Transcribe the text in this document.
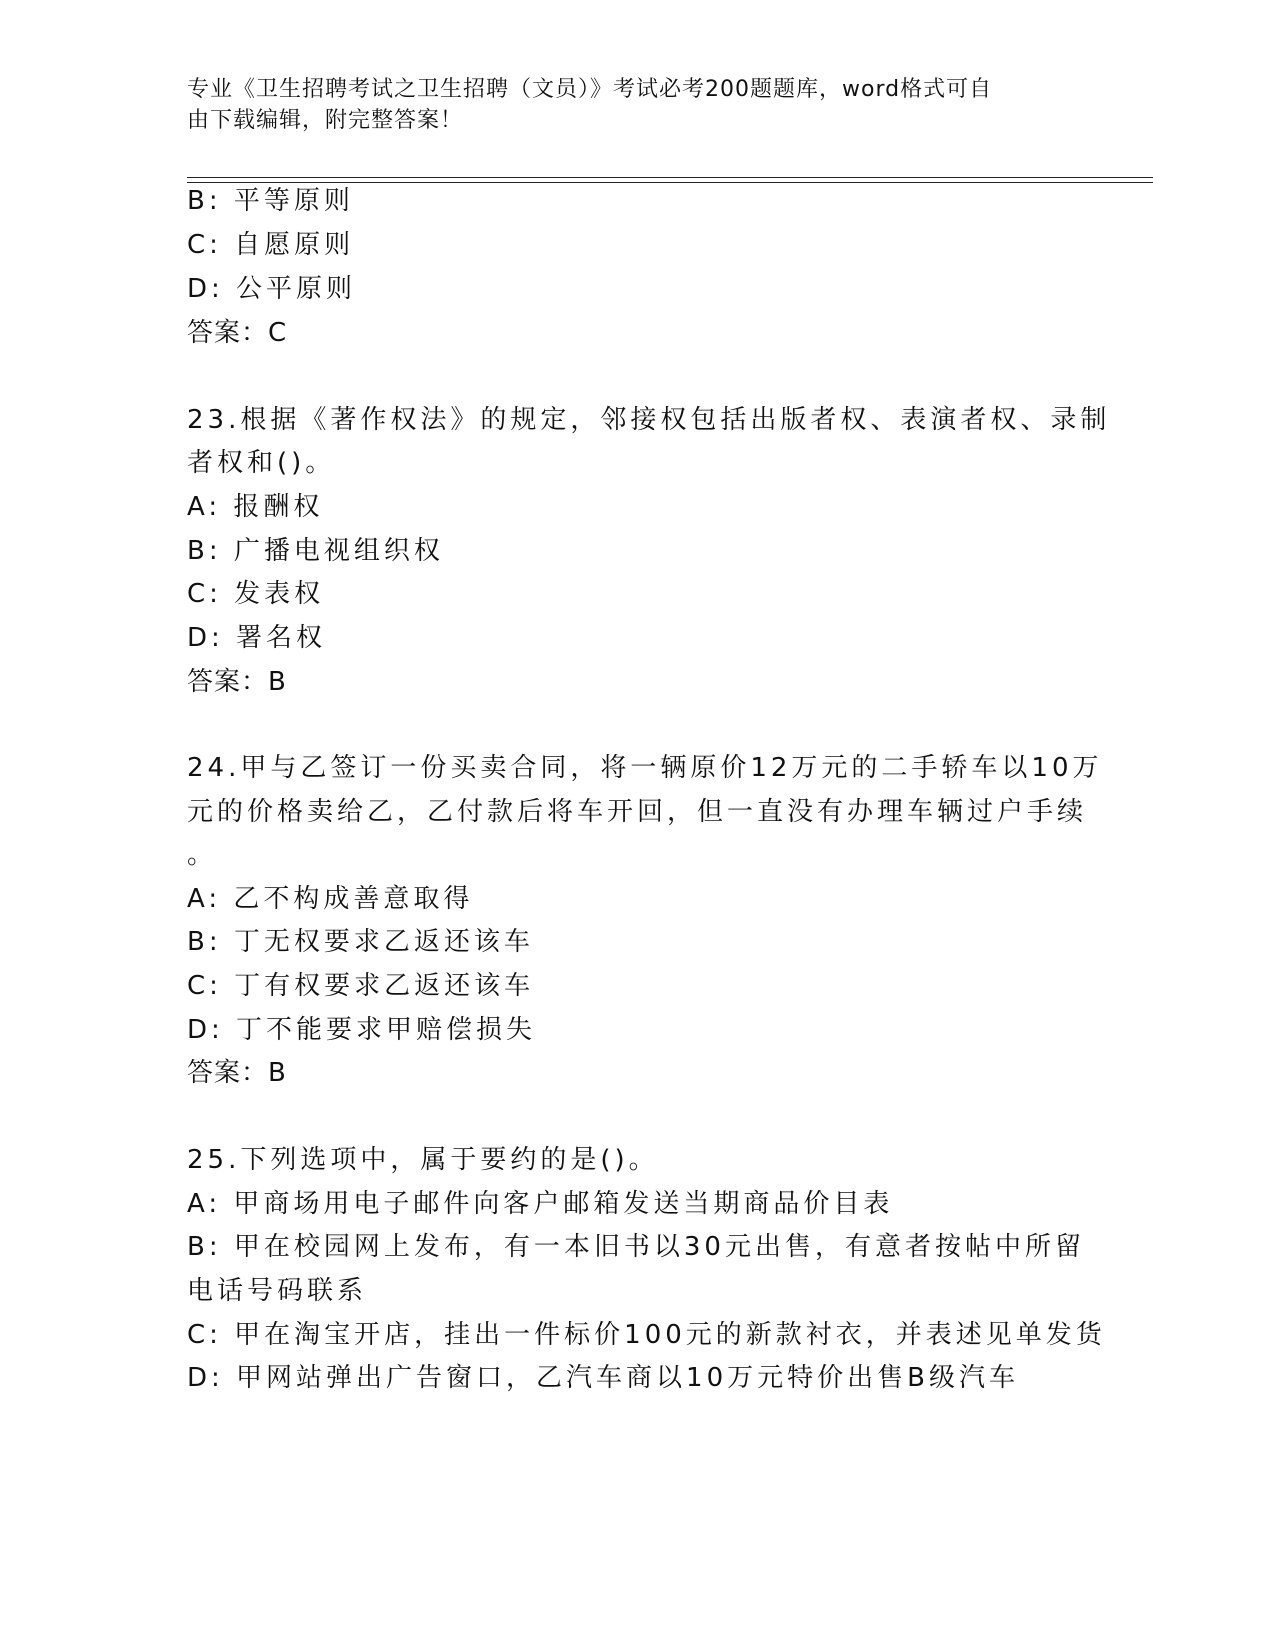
专业《卫生招聘考试之卫生招聘（文员）》考试必考200题题库，word格式可自
由下载编辑，附完整答案！
B: 平等原则
C: 自愿原则
D: 公平原则
答案：C
23.根据《著作权法》的规定，邻接权包括出版者权、表演者权、录制
者权和()。
A: 报酬权
B: 广播电视组织权
C: 发表权
D: 署名权
答案：B
24.甲与乙签订一份买卖合同，将一辆原价12万元的二手轿车以10万
元的价格卖给乙，乙付款后将车开回，但一直没有办理车辆过户手续
。
A: 乙不构成善意取得
B: 丁无权要求乙返还该车
C: 丁有权要求乙返还该车
D: 丁不能要求甲赔偿损失
答案：B
25.下列选项中，属于要约的是()。
A: 甲商场用电子邮件向客户邮箱发送当期商品价目表
B: 甲在校园网上发布，有一本旧书以30元出售，有意者按帖中所留
电话号码联系
C: 甲在淘宝开店，挂出一件标价100元的新款衬衣，并表述见单发货
D: 甲网站弹出广告窗口，乙汽车商以10万元特价出售B级汽车
